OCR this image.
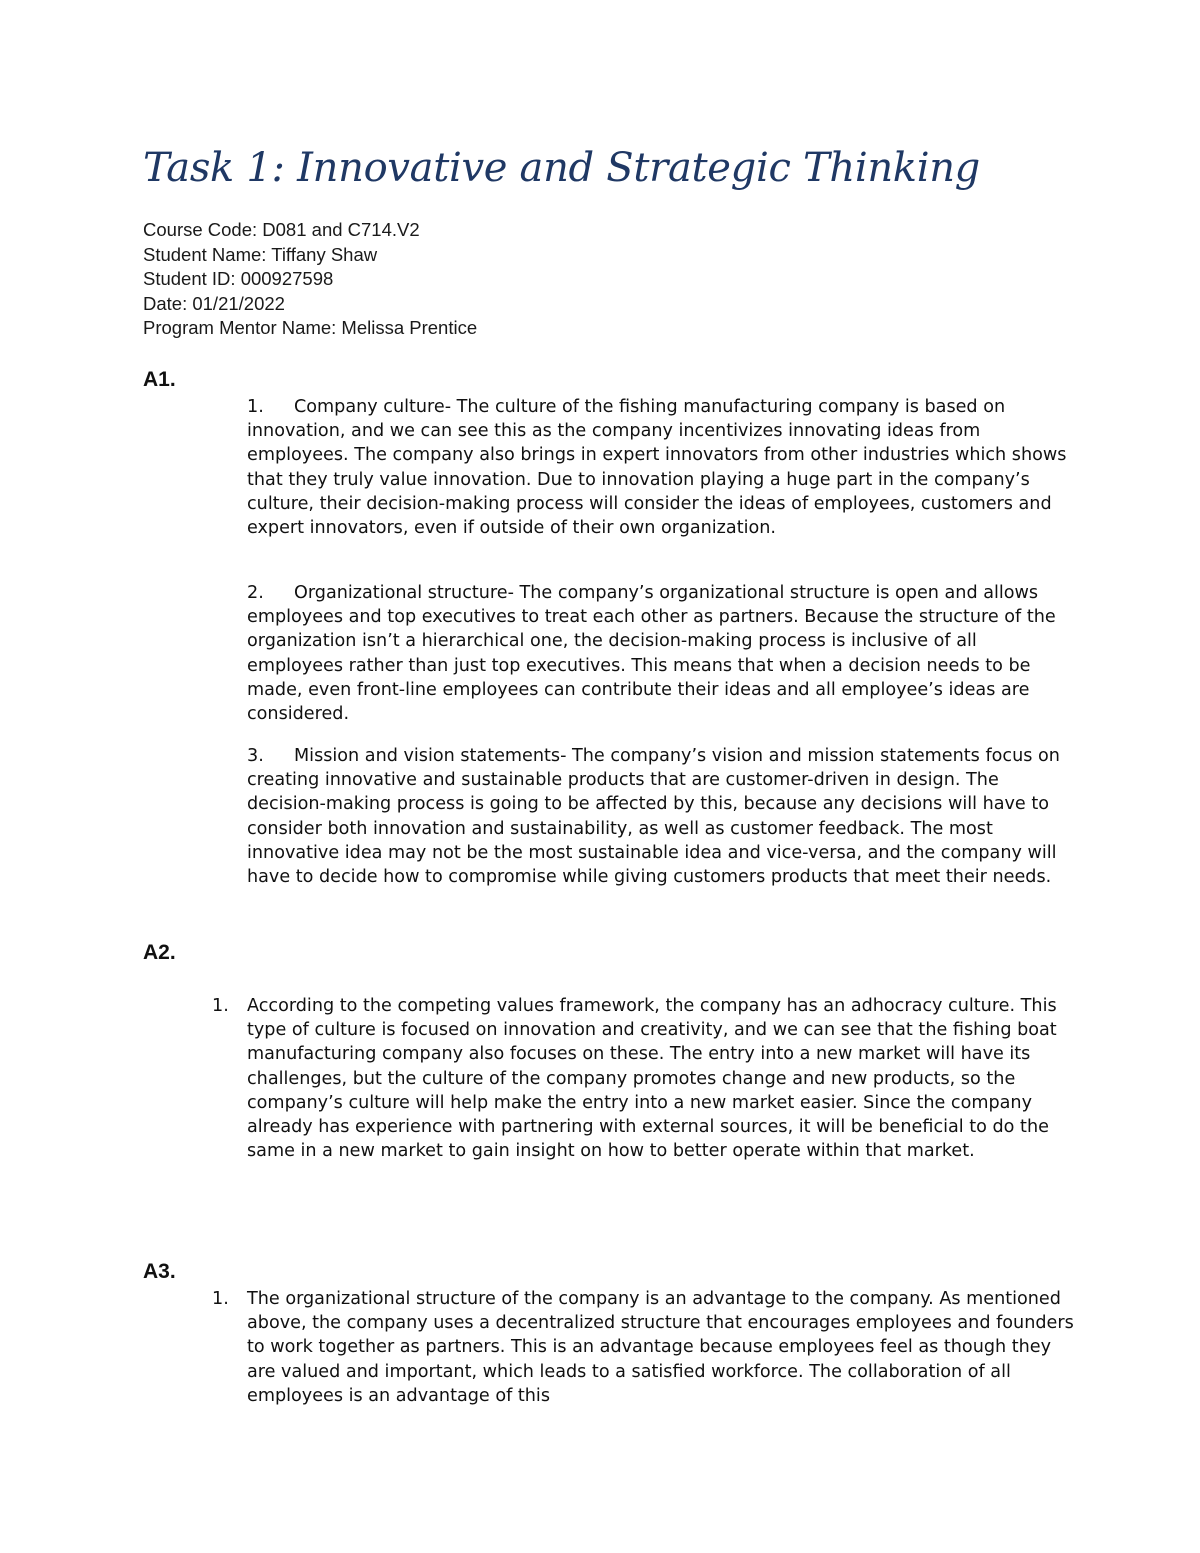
Task 1: Innovative and Strategic Thinking
Course Code: D081 and C714.V2
Student Name: Tiffany Shaw
Student ID: 000927598
Date: 01/21/2022
Program Mentor Name: Melissa Prentice
A1.

1. Company culture- The culture of the fishing manufacturing company is based on innovation, and we can see this as the company incentivizes innovating ideas from employees. The company also brings in expert innovators from other industries which shows that they truly value innovation. Due to innovation playing a huge part in the company’s culture, their decision-making process will consider the ideas of employees, customers and expert innovators, even if outside of their own organization.

2. Organizational structure- The company’s organizational structure is open and allows employees and top executives to treat each other as partners. Because the structure of the organization isn’t a hierarchical one, the decision-making process is inclusive of all employees rather than just top executives. This means that when a decision needs to be made, even front-line employees can contribute their ideas and all employee’s ideas are considered.

3. Mission and vision statements- The company’s vision and mission statements focus on creating innovative and sustainable products that are customer-driven in design. The decision-making process is going to be affected by this, because any decisions will have to consider both innovation and sustainability, as well as customer feedback. The most innovative idea may not be the most sustainable idea and vice-versa, and the company will have to decide how to compromise while giving customers products that meet their needs.

A2.
1. According to the competing values framework, the company has an adhocracy culture. This type of culture is focused on innovation and creativity, and we can see that the fishing boat manufacturing company also focuses on these. The entry into a new market will have its challenges, but the culture of the company promotes change and new products, so the company’s culture will help make the entry into a new market easier. Since the company already has experience with partnering with external sources, it will be beneficial to do the same in a new market to gain insight on how to better operate within that market.
A3.
1. The organizational structure of the company is an advantage to the company. As mentioned above, the company uses a decentralized structure that encourages employees and founders to work together as partners. This is an advantage because employees feel as though they are valued and important, which leads to a satisfied workforce. The collaboration of all employees is an advantage of this
